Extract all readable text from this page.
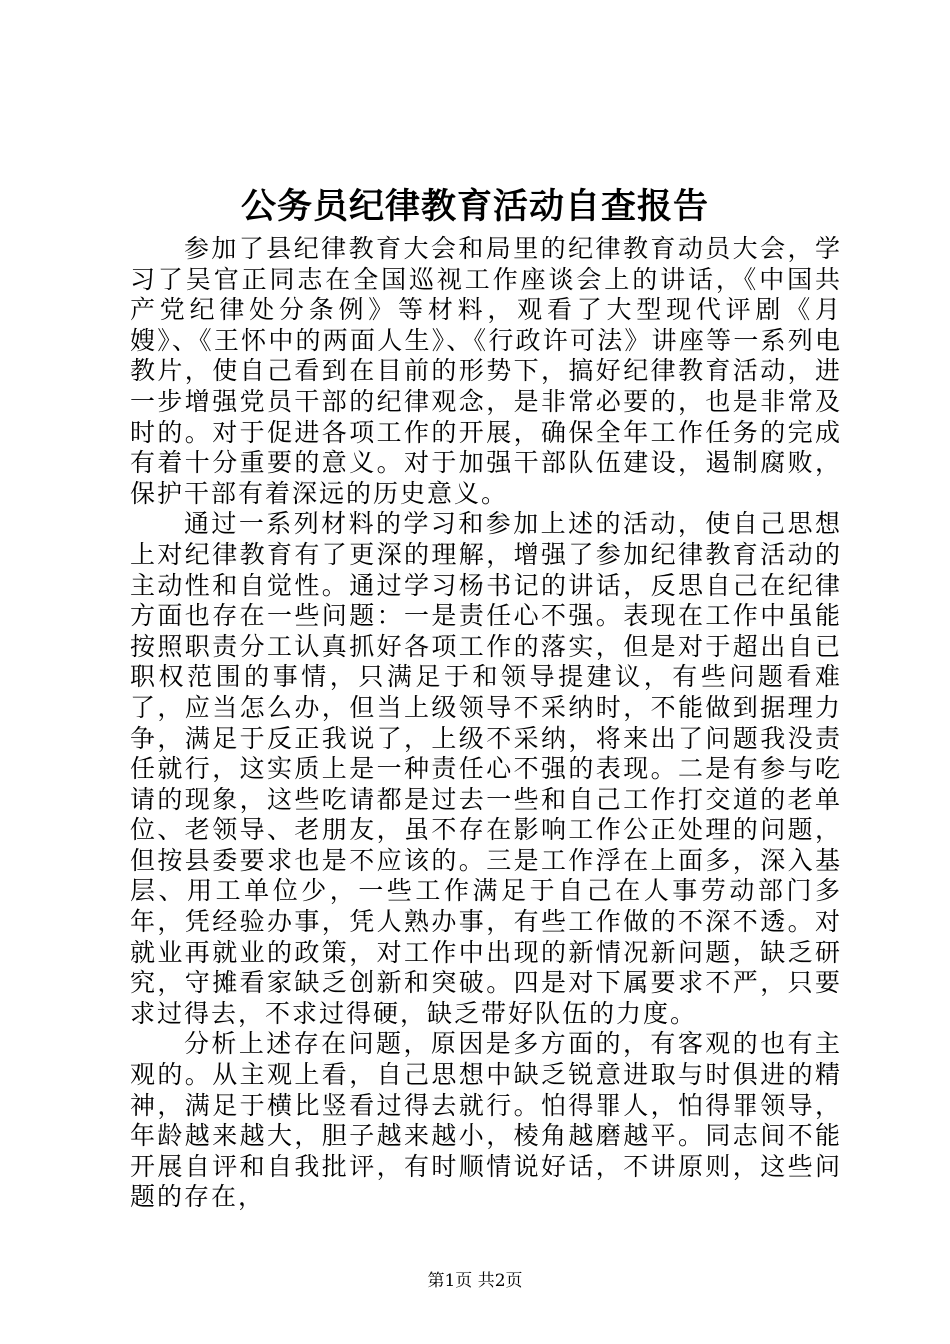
公务员纪律教育活动自查报告

参加了县纪律教育大会和局里的纪律教育动员大会，学习了吴官正同志在全国巡视工作座谈会上的讲话，《中国共产党纪律处分条例》等材料，观看了大型现代评剧《月嫂》、《王怀中的两面人生》、《行政许可法》讲座等一系列电教片，使自己看到在目前的形势下，搞好纪律教育活动，进一步增强党员干部的纪律观念，是非常必要的，也是非常及时的。对于促进各项工作的开展，确保全年工作任务的完成有着十分重要的意义。对于加强干部队伍建设，遏制腐败，保护干部有着深远的历史意义。

通过一系列材料的学习和参加上述的活动，使自己思想上对纪律教育有了更深的理解，增强了参加纪律教育活动的主动性和自觉性。通过学习杨书记的讲话，反思自己在纪律方面也存在一些问题：一是责任心不强。表现在工作中虽能按照职责分工认真抓好各项工作的落实，但是对于超出自已职权范围的事情，只满足于和领导提建议，有些问题看难了，应当怎么办，但当上级领导不采纳时，不能做到据理力争，满足于反正我说了，上级不采纳，将来出了问题我没责任就行，这实质上是一种责任心不强的表现。二是有参与吃请的现象，这些吃请都是过去一些和自己工作打交道的老单位、老领导、老朋友，虽不存在影响工作公正处理的问题，但按县委要求也是不应该的。三是工作浮在上面多，深入基层、用工单位少，一些工作满足于自己在人事劳动部门多年，凭经验办事，凭人熟办事，有些工作做的不深不透。对就业再就业的政策，对工作中出现的新情况新问题，缺乏研究，守摊看家缺乏创新和突破。四是对下属要求不严，只要求过得去，不求过得硬，缺乏带好队伍的力度。

分析上述存在问题，原因是多方面的，有客观的也有主观的。从主观上看，自己思想中缺乏锐意进取与时俱进的精神，满足于横比竖看过得去就行。怕得罪人，怕得罪领导，年龄越来越大，胆子越来越小，棱角越磨越平。同志间不能开展自评和自我批评，有时顺情说好话，不讲原则，这些问题的存在，

第1页 共2页
